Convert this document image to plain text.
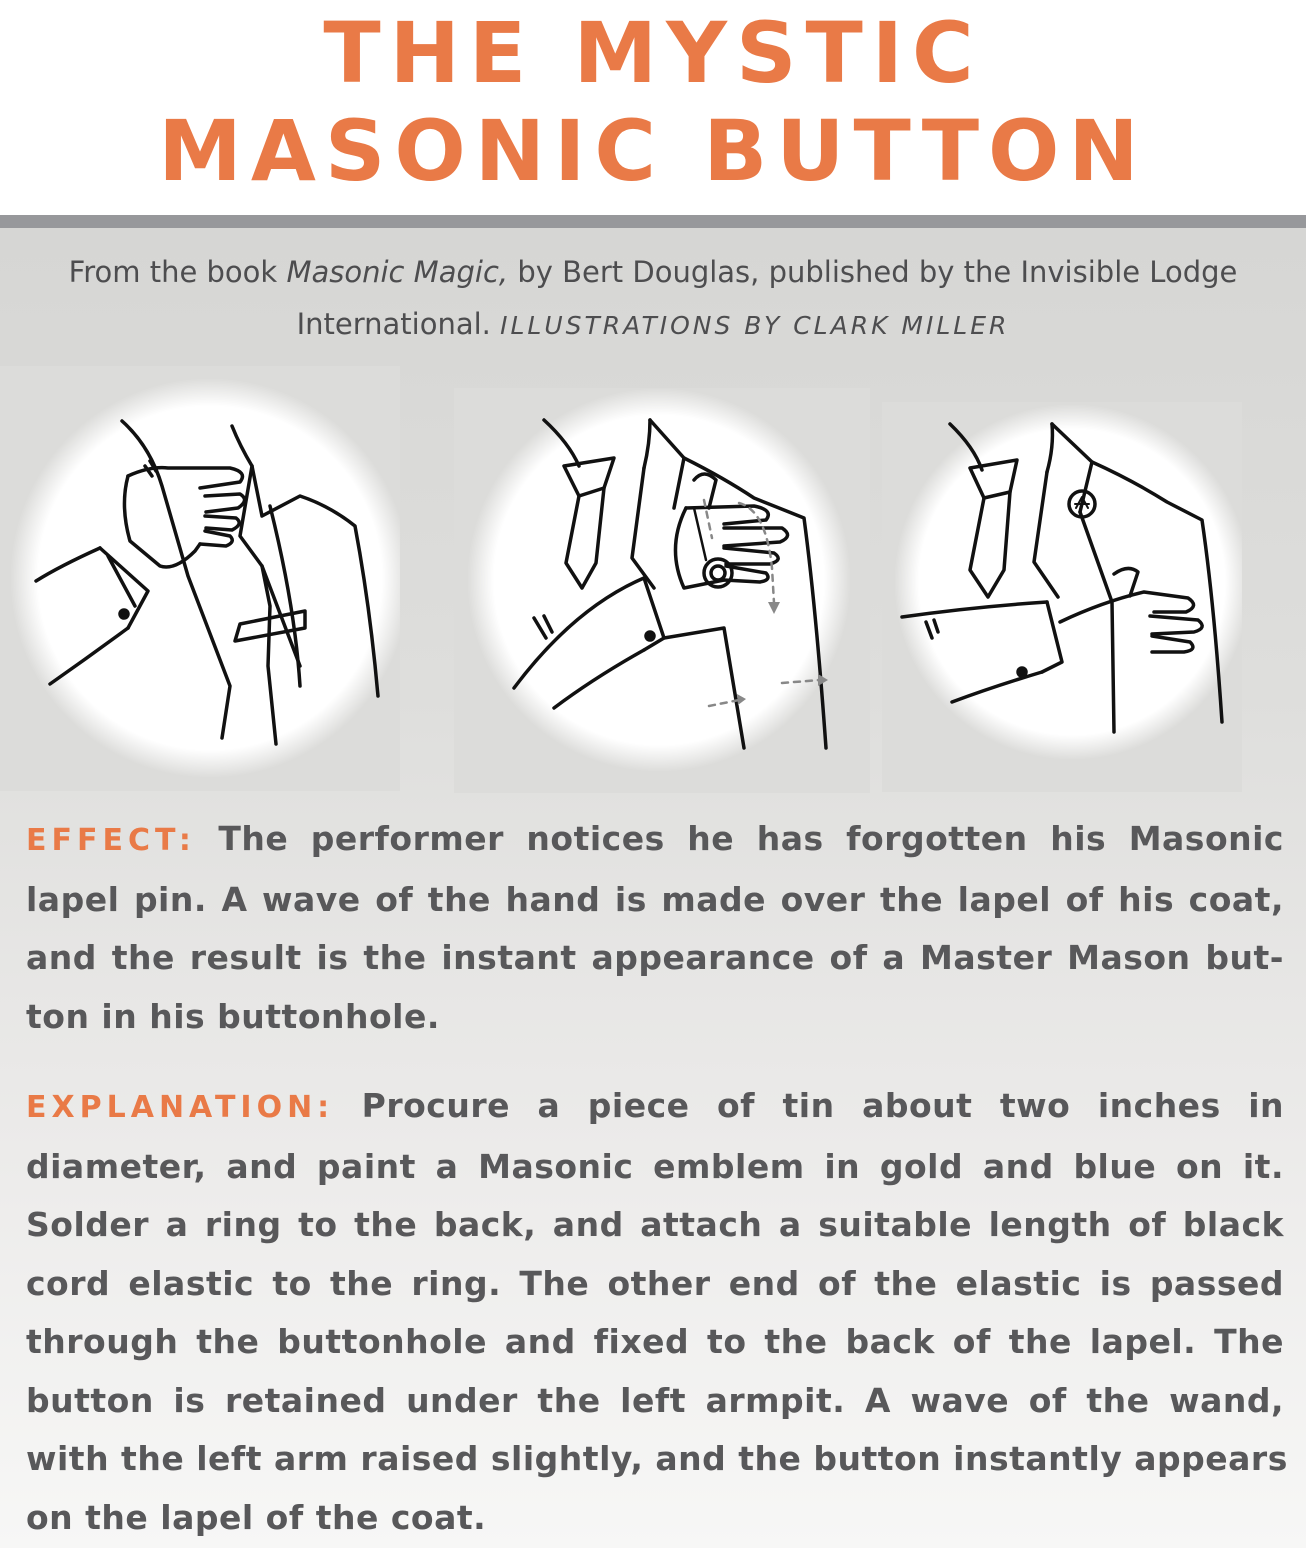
THE MYSTIC
MASONIC BUTTON
From the book Masonic Magic, by Bert Douglas, published by the Invisible Lodge
International. ILLUSTRATIONS BY CLARK MILLER
EFFECT: The performer notices he has forgotten his Masonic
lapel pin. A wave of the hand is made over the lapel of his coat,
and the result is the instant appearance of a Master Mason but-
ton in his buttonhole.
EXPLANATION: Procure a piece of tin about two inches in
diameter, and paint a Masonic emblem in gold and blue on it.
Solder a ring to the back, and attach a suitable length of black
cord elastic to the ring. The other end of the elastic is passed
through the buttonhole and fixed to the back of the lapel. The
button is retained under the left armpit. A wave of the wand,
with the left arm raised slightly, and the button instantly appears
on the lapel of the coat.
